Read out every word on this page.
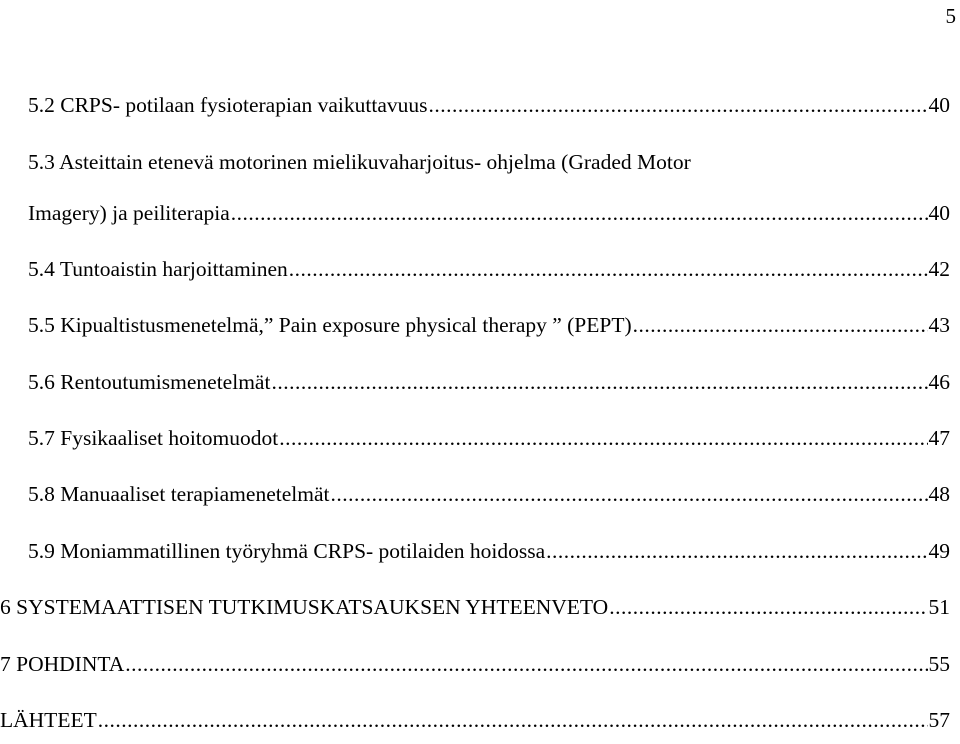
5
5.2 CRPS- potilaan fysioterapian vaikuttavuus .....	40
5.3 Asteittain etenevä motorinen mielikuvaharjoitus- ohjelma (Graded Motor
Imagery) ja peiliterapia .....	40
5.4 Tuntoaistin harjoittaminen .....	42
5.5 Kipualtistusmenetelmä,” Pain exposure physical therapy ” (PEPT) .....	43
5.6 Rentoutumismenetelmät .....	46
5.7 Fysikaaliset hoitomuodot .....	47
5.8 Manuaaliset terapiamenetelmät .....	48
5.9 Moniammatillinen työryhmä CRPS- potilaiden hoidossa .....	49
6 SYSTEMAATTISEN TUTKIMUSKATSAUKSEN YHTEENVETO .....	51
7 POHDINTA .....	55
LÄHTEET .....	57
